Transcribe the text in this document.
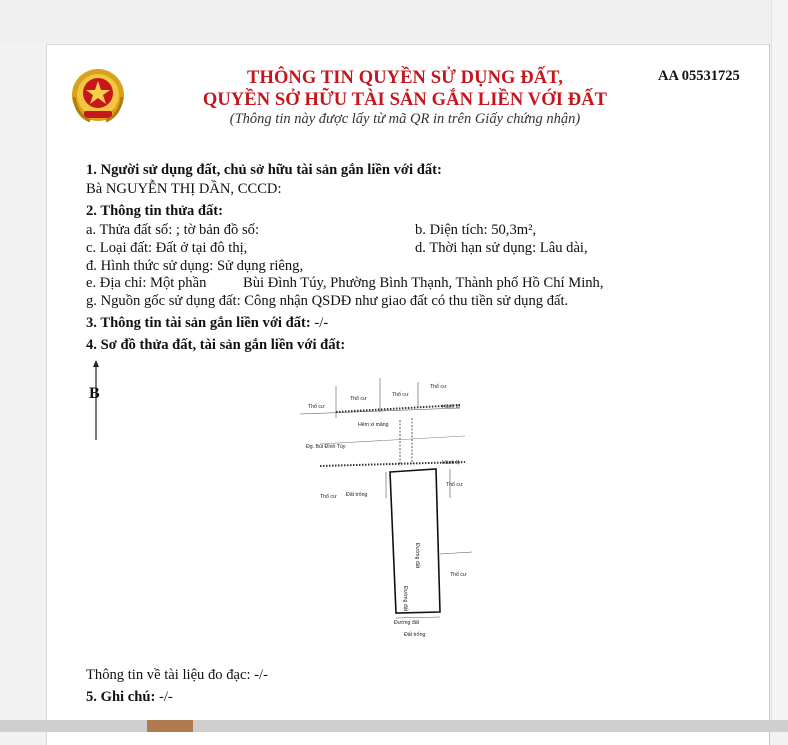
THÔNG TIN QUYỀN SỬ DỤNG ĐẤT,
QUYỀN SỞ HỮU TÀI SẢN GẮN LIỀN VỚI ĐẤT
(Thông tin này được lấy từ mã QR in trên Giấy chứng nhận)
AA 05531725
1. Người sử dụng đất, chủ sở hữu tài sản gắn liền với đất:
Bà NGUYỄN THỊ DẦN, CCCD:
2. Thông tin thửa đất:
a. Thửa đất số: ; tờ bản đồ số:	b. Diện tích: 50,3m²,
c. Loại đất: Đất ở tại đô thị,	d. Thời hạn sử dụng: Lâu dài,
đ. Hình thức sử dụng: Sử dụng riêng,
e. Địa chỉ: Một phần	Bùi Đình Túy, Phường Bình Thạnh, Thành phố Hồ Chí Minh,
g. Nguồn gốc sử dụng đất: Công nhận QSDĐ như giao đất có thu tiền sử dụng đất.
3. Thông tin tài sản gắn liền với đất: -/-
4. Sơ đồ thửa đất, tài sản gắn liền với đất:
B
Thổ cư
Thổ cư
Thổ cư
Thổ cư
Hành lộ
Hẻm xi măng
Đg. Bùi Đình Túy
Hành lộ
Thổ cư Đất trống
Thổ cư
Thổ cư
Đường đất
Đường đất
Đường đất
Đất trống
Thông tin về tài liệu đo đạc: -/-
5. Ghi chú: -/-
